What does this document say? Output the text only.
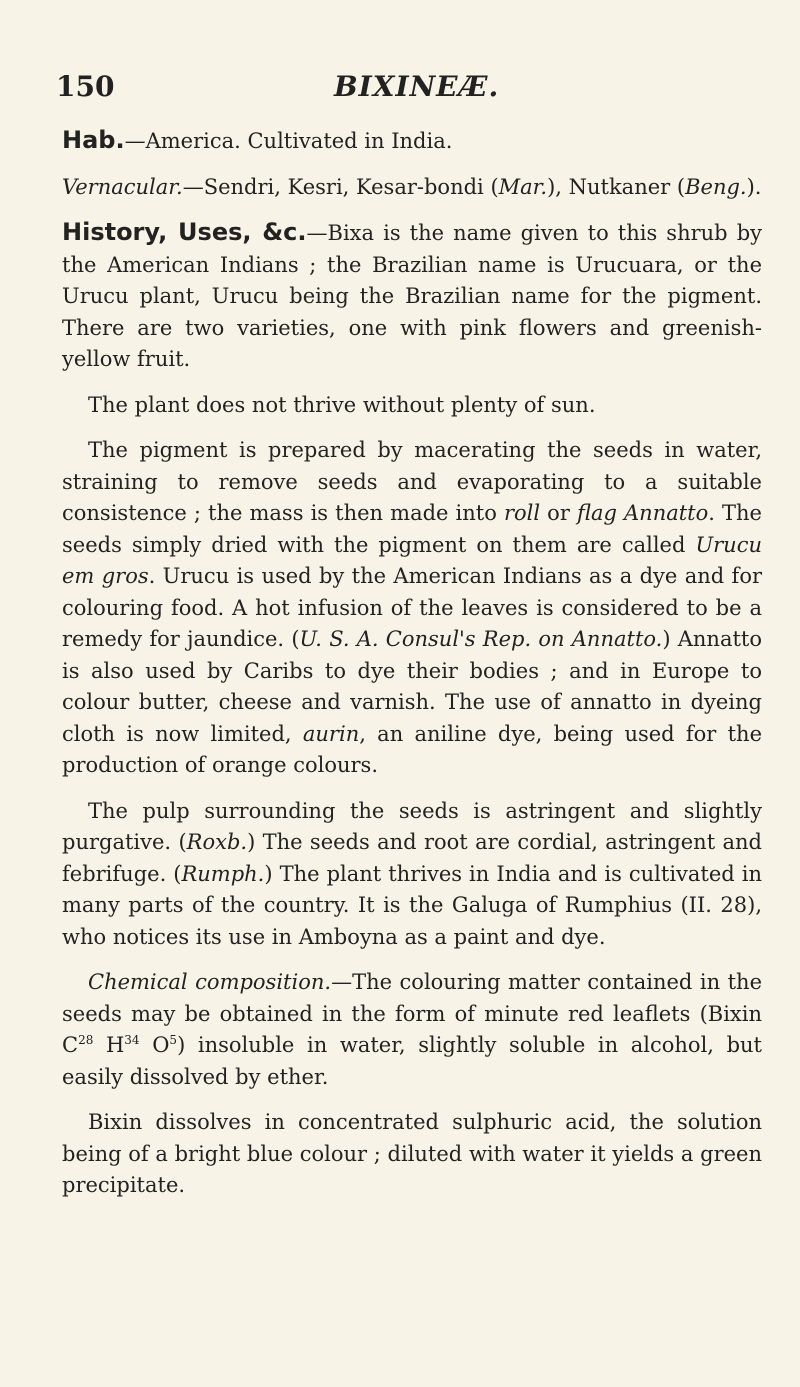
150	BIXINEÆ.

Hab.—America. Cultivated in India.

Vernacular.—Sendri, Kesri, Kesar-bondi (Mar.), Nutkaner (Beng.).

History, Uses, &c.—Bixa is the name given to this shrub by the American Indians ; the Brazilian name is Urucuara, or the Urucu plant, Urucu being the Brazilian name for the pigment. There are two varieties, one with pink flowers and greenish-yellow fruit.

The plant does not thrive without plenty of sun.

The pigment is prepared by macerating the seeds in water, straining to remove seeds and evaporating to a suitable consistence ; the mass is then made into roll or flag Annatto. The seeds simply dried with the pigment on them are called Urucu em gros. Urucu is used by the American Indians as a dye and for colouring food. A hot infusion of the leaves is considered to be a remedy for jaundice. (U. S. A. Consul's Rep. on Annatto.) Annatto is also used by Caribs to dye their bodies ; and in Europe to colour butter, cheese and varnish. The use of annatto in dyeing cloth is now limited, aurin, an aniline dye, being used for the production of orange colours.

The pulp surrounding the seeds is astringent and slightly purgative. (Roxb.) The seeds and root are cordial, astringent and febrifuge. (Rumph.) The plant thrives in India and is cultivated in many parts of the country. It is the Galuga of Rumphius (II. 28), who notices its use in Amboyna as a paint and dye.

Chemical composition.—The colouring matter contained in the seeds may be obtained in the form of minute red leaflets (Bixin $C^{28}$ $H^{34}$ $O^5$) insoluble in water, slightly soluble in alcohol, but easily dissolved by ether.

Bixin dissolves in concentrated sulphuric acid, the solution being of a bright blue colour ; diluted with water it yields a green precipitate.
